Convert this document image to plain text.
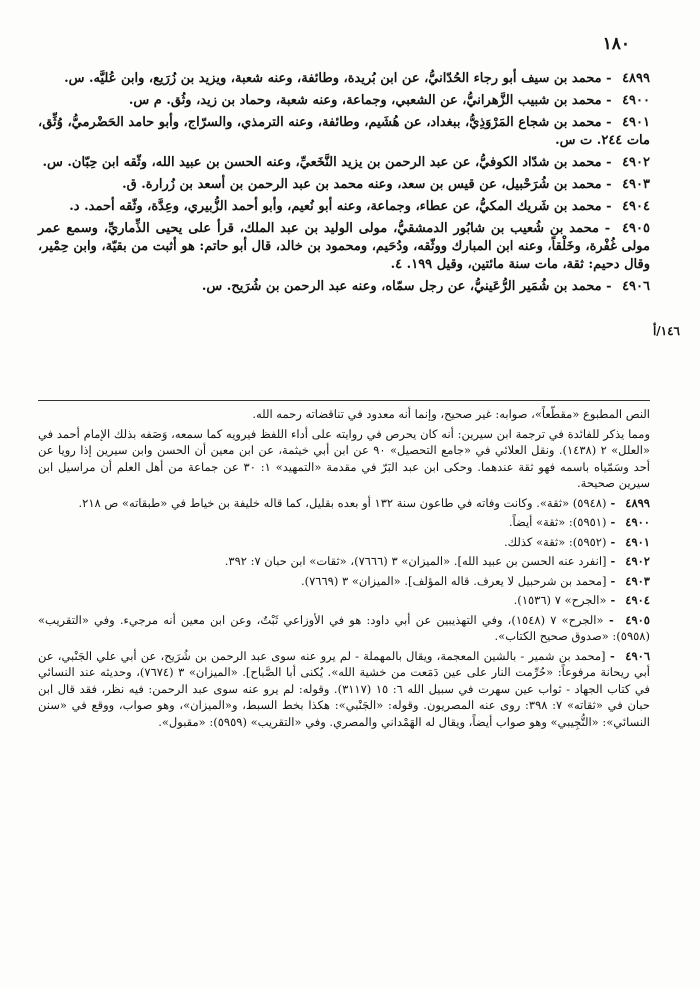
١٨٠

١٤٦/أ

٤٨٩٩ - محمد بن سيف أبو رجاء الحُدّانيُّ، عن ابن بُريدة، وطائفة، وعنه شعبة، ويزيد بن زُرَيع، وابن عُليَّه. س.

٤٩٠٠ - محمد بن شبيب الزَّهرانيُّ، عن الشعبي، وجماعة، وعنه شعبة، وحماد بن زيد، وثُق. م س.

٤٩٠١ - محمد بن شجاع المَرْوَذِيُّ، ببغداد، عن هُشَيم، وطائفة، وعنه الترمذي، والسرّاج، وأبو حامد الحَضْرميُّ، وُثِّق، مات ٢٤٤. ت س.

٤٩٠٢ - محمد بن شدّاد الكوفيُّ، عن عبد الرحمن بن يزيد النَّخَعيِّ، وعنه الحسن بن عبيد الله، وثّقه ابن حِبّان. س.

٤٩٠٣ - محمد بن شُرَحْبيل، عن قيس بن سعد، وعنه محمد بن عبد الرحمن بن أسعد بن زُرارة. ق.

٤٩٠٤ - محمد بن شَريك المكيُّ، عن عطاء، وجماعة، وعنه أبو نُعيم، وأبو أحمد الزُّبيري، وعِدَّة، وثّقه أحمد. د.

٤٩٠٥ - محمد بن شُعيب بن شابُور الدمشقيُّ، مولى الوليد بن عبد الملك، قرأ على يحيى الذِّماريِّ، وسمع عمر مولى غُفْرة، وخَلْقاً، وعنه ابن المبارك ووثّقه، ودُحَيم، ومحمود بن خالد، قال أبو حاتم: هو أثبت من بقيّة، وابن حِمْير، وقال دحيم: ثقة، مات سنة مائتين، وقيل ١٩٩. ٤.

٤٩٠٦ - محمد بن شُمَير الرُّعَينيُّ، عن رجل سمّاه، وعنه عبد الرحمن بن شُرَيح. س.

النص المطبوع «مقطّعاً»، صوابه: غير صحيح، وإنما أنه معدود في تناقضاته رحمه الله.

ومما يذكر للفائدة في ترجمة ابن سيرين: أنه كان يحرص في روايته على أداء اللفظ فيرويه كما سمعه، وَصَفه بذلك الإمام أحمد في «العلل» ٢ (١٤٣٨). ونقل العلائي في «جامع التحصيل» ٩٠ عن ابن أبي خيثمة، عن ابن معين أن الحسن وابن سيرين إذا رويا عن أحد وسَمّياه باسمه فهو ثقة عندهما. وحكى ابن عبد البَرّ في مقدمة «التمهيد» ١: ٣٠ عن جماعة من أهل العلم أن مراسيل ابن سيرين صحيحة.

٤٨٩٩ - (٥٩٤٨) «ثقة». وكانت وفاته في طاعون سنة ١٣٢ أو بعده بقليل، كما قاله خليفة بن خياط في «طبقاته» ص ٢١٨.

٤٩٠٠ - (٥٩٥١): «ثقة» أيضاً.

٤٩٠١ - (٥٩٥٢): «ثقة» كذلك.

٤٩٠٢ - [انفرد عنه الحسن بن عبيد الله]. «الميزان» ٣ (٧٦٦٦)، «ثقات» ابن حبان ٧: ٣٩٢.

٤٩٠٣ - [محمد بن شرحبيل لا يعرف. قاله المؤلف]. «الميزان» ٣ (٧٦٦٩).

٤٩٠٤ - «الجرح» ٧ (١٥٣٦).

٤٩٠٥ - «الجرح» ٧ (١٥٤٨)، وفي التهذيبين عن أبي داود: هو في الأوزاعي ثَبْتٌ، وعن ابن معين أنه مرجيء. وفي «التقريب» (٥٩٥٨): «صدوق صحيح الكتاب».

٤٩٠٦ - [محمد بن شمير - بالشين المعجمة، ويقال بالمهملة - لم يرو عنه سوى عبد الرحمن بن شُرَيح، عن أبي علي الجَنْبي، عن أبي ريحانة مرفوعاً: «حُرِّمت النار على عين دَمَعت من خشية الله». يُكنى أبا الصَّباح]. «الميزان» ٣ (٧٦٧٤)، وحديثه عند النسائي في كتاب الجهاد - ثواب عين سهرت في سبيل الله ٦: ١٥ (٣١١٧). وقوله: لم يرو عنه سوى عبد الرحمن: فيه نظر، فقد قال ابن حبان في «ثقاته» ٧: ٣٩٨: روى عنه المصريون. وقوله: «الجَنْبي»: هكذا بخط السبط، و«الميزان»، وهو صواب، ووقع في «سنن النسائي»: «التُّجِيبي» وهو صواب أيضاً، ويقال له الهَمْداني والمصري. وفي «التقريب» (٥٩٥٩): «مقبول».
